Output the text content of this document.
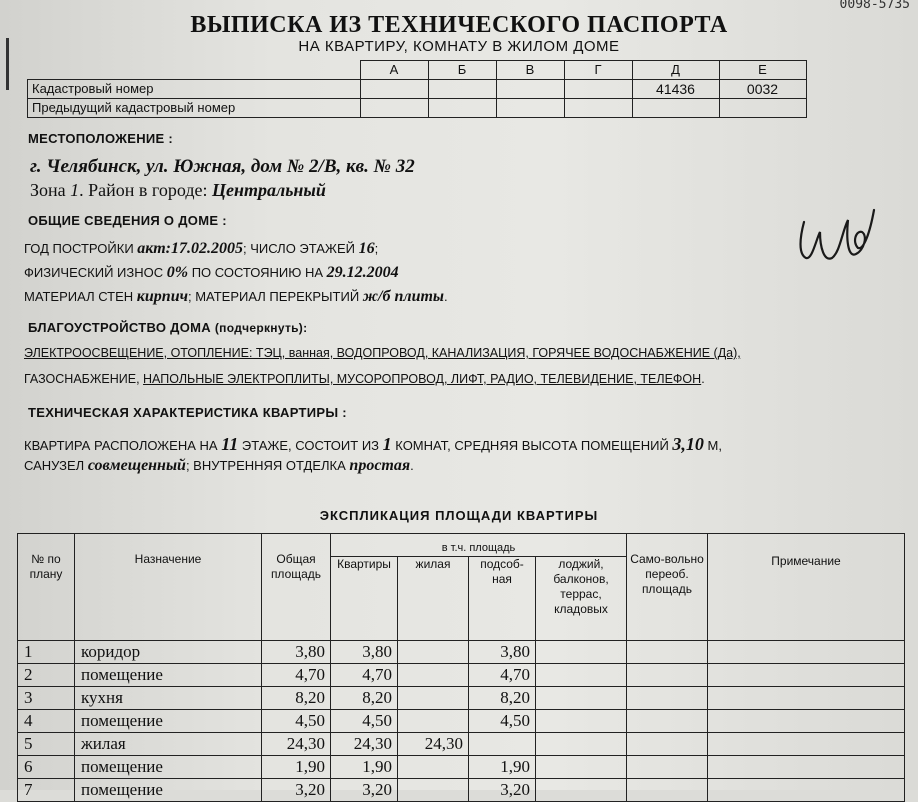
0098-5735
ВЫПИСКА ИЗ ТЕХНИЧЕСКОГО ПАСПОРТА
НА КВАРТИРУ, КОМНАТУ В ЖИЛОМ ДОМЕ
	А	Б	В	Г	Д	Е
Кадастровый номер					41436	0032
Предыдущий кадастровый номер						
МЕСТОПОЛОЖЕНИЕ :
г. Челябинск, ул. Южная, дом № 2/В, кв. № 32
Зона 1. Район в городе: Центральный
ОБЩИЕ СВЕДЕНИЯ О ДОМЕ :
ГОД ПОСТРОЙКИ акт:17.02.2005; ЧИСЛО ЭТАЖЕЙ 16;
ФИЗИЧЕСКИЙ ИЗНОС 0% ПО СОСТОЯНИЮ НА 29.12.2004
МАТЕРИАЛ СТЕН кирпич; МАТЕРИАЛ ПЕРЕКРЫТИЙ ж/б плиты.
БЛАГОУСТРОЙСТВО ДОМА (подчеркнуть):
ЭЛЕКТРООСВЕЩЕНИЕ, ОТОПЛЕНИЕ: ТЭЦ, ванная, ВОДОПРОВОД, КАНАЛИЗАЦИЯ, ГОРЯЧЕЕ ВОДОСНАБЖЕНИЕ (Да),
ГАЗОСНАБЖЕНИЕ, НАПОЛЬНЫЕ ЭЛЕКТРОПЛИТЫ, МУСОРОПРОВОД, ЛИФТ, РАДИО, ТЕЛЕВИДЕНИЕ, ТЕЛЕФОН.
ТЕХНИЧЕСКАЯ ХАРАКТЕРИСТИКА КВАРТИРЫ :
КВАРТИРА РАСПОЛОЖЕНА НА 11 ЭТАЖЕ, СОСТОИТ ИЗ 1 КОМНАТ, СРЕДНЯЯ ВЫСОТА ПОМЕЩЕНИЙ 3,10 М,
САНУЗЕЛ совмещенный; ВНУТРЕННЯЯ ОТДЕЛКА простая.
ЭКСПЛИКАЦИЯ ПЛОЩАДИ КВАРТИРЫ
№ по плану	Назначение	Общая площадь	в т.ч. площадь				Само-вольно переоб. площадь	Примечание
			Квартиры	жилая	подсоб-ная	лоджий, балконов, террас, кладовых		
1	коридор	3,80	3,80		3,80			
2	помещение	4,70	4,70		4,70			
3	кухня	8,20	8,20		8,20			
4	помещение	4,50	4,50		4,50			
5	жилая	24,30	24,30	24,30				
6	помещение	1,90	1,90		1,90			
7	помещение	3,20	3,20		3,20			
